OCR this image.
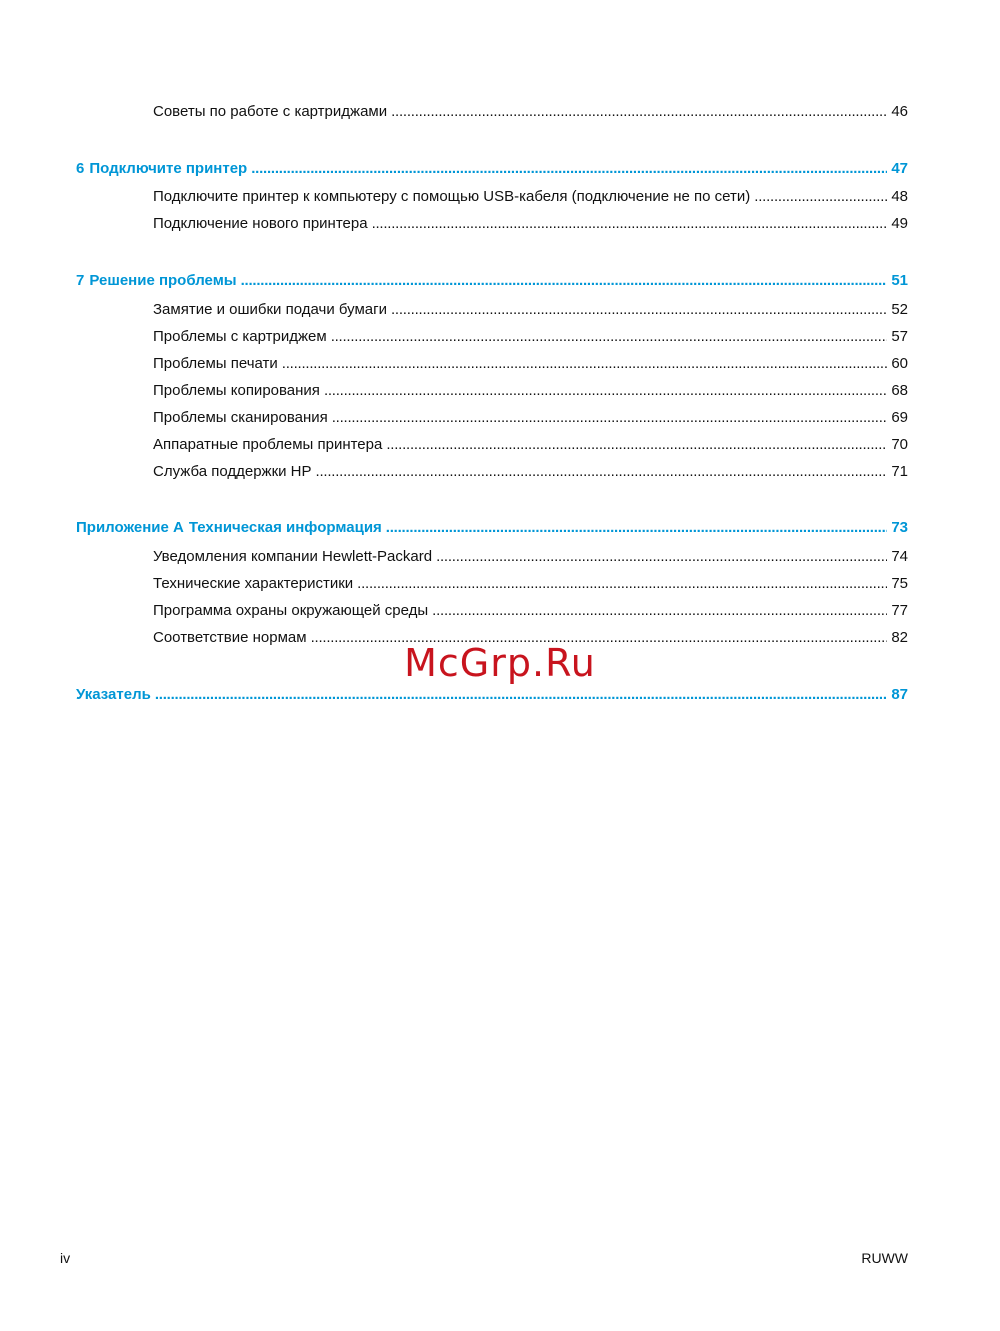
Советы по работе с картриджами . . .	46
6 Подключите принтер . . .	47
Подключите принтер к компьютеру с помощью USB-кабеля (подключение не по сети) . . .	48
Подключение нового принтера . . .	49
7 Решение проблемы . . .	51
Замятие и ошибки подачи бумаги . . .	52
Проблемы с картриджем . . .	57
Проблемы печати . . .	60
Проблемы копирования . . .	68
Проблемы сканирования . . .	69
Аппаратные проблемы принтера . . .	70
Служба поддержки HP . . .	71
Приложение А Техническая информация . . .	73
Уведомления компании Hewlett-Packard . . .	74
Технические характеристики . . .	75
Программа охраны окружающей среды . . .	77
Соответствие нормам . . .	82
Указатель . . .	87
McGrp.Ru
iv	RUWW
